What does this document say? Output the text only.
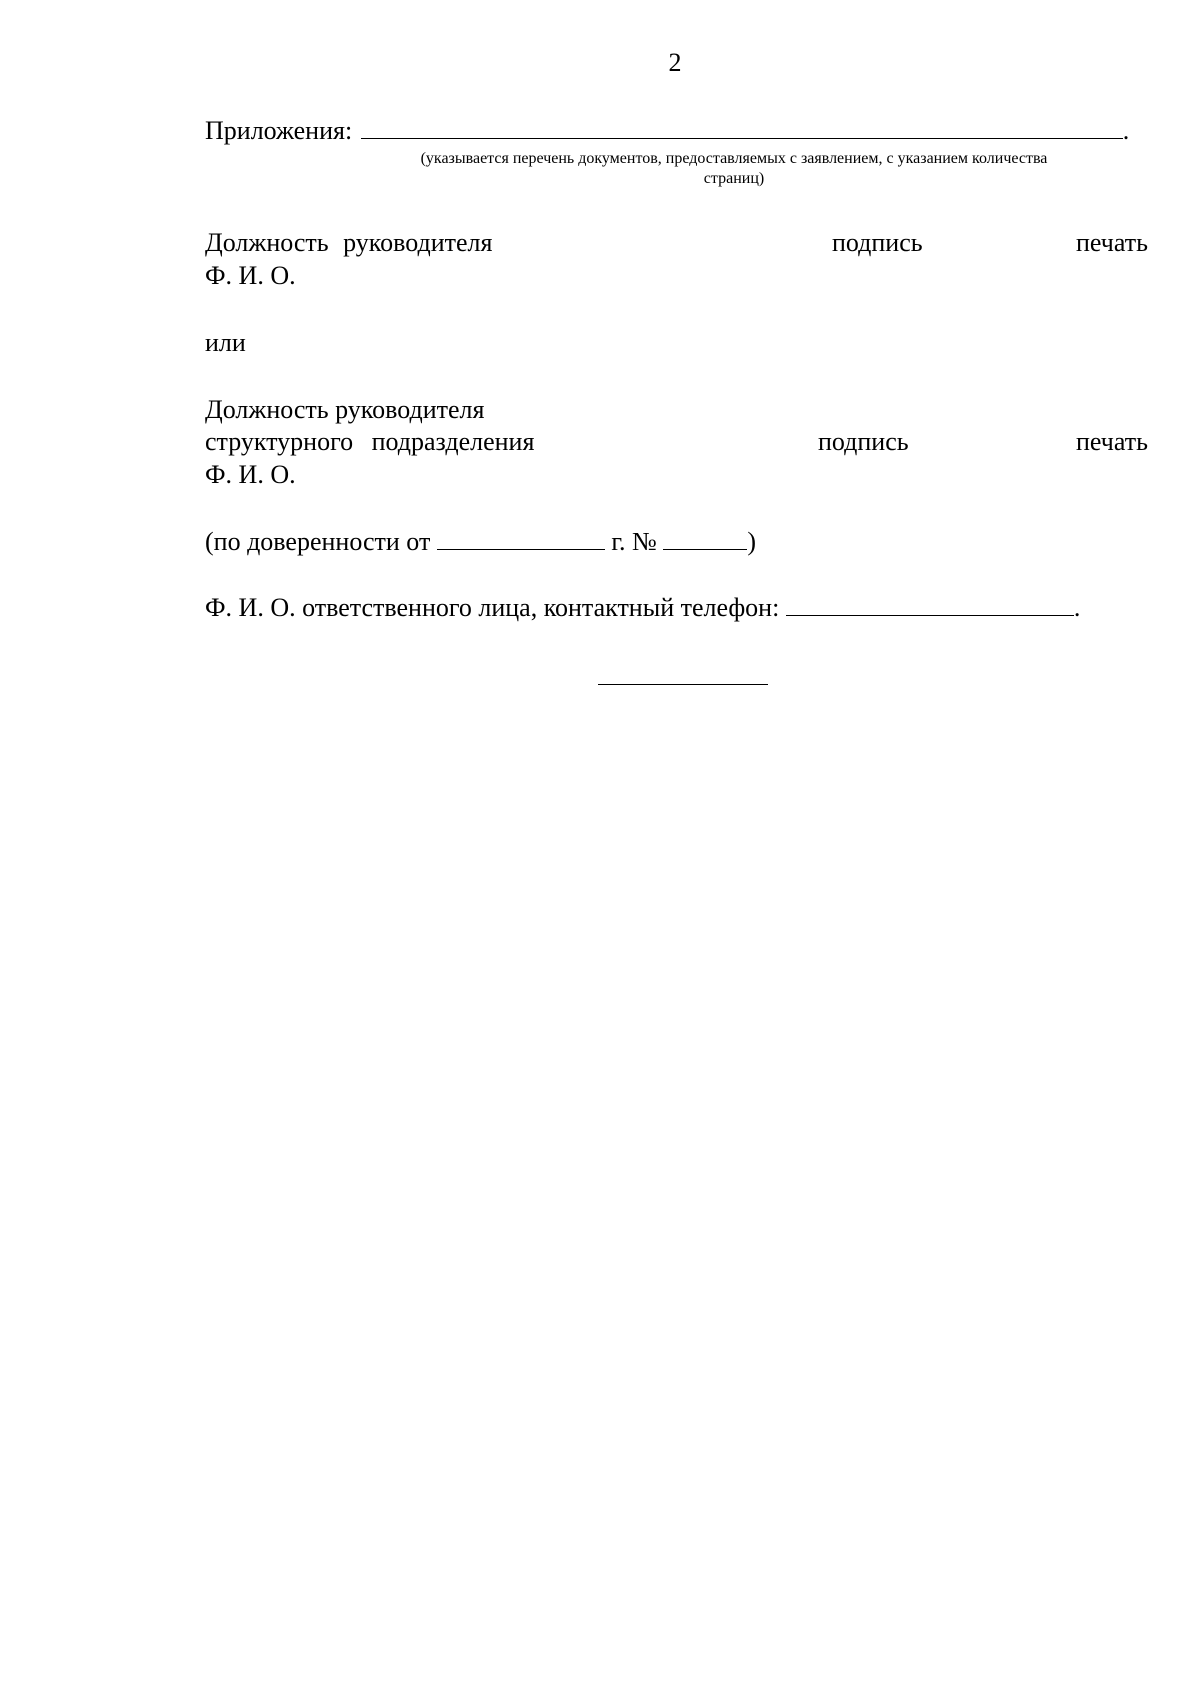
2
Приложения:	.
(указывается перечень документов, предоставляемых с заявлением, с указанием количества
страниц)
Должность руководителя	подпись	печать
Ф. И. О.
или
Должность руководителя
структурного подразделения	подпись	печать
Ф. И. О.
(по доверенности от	г. №	)
Ф. И. О. ответственного лица, контактный телефон:	.
